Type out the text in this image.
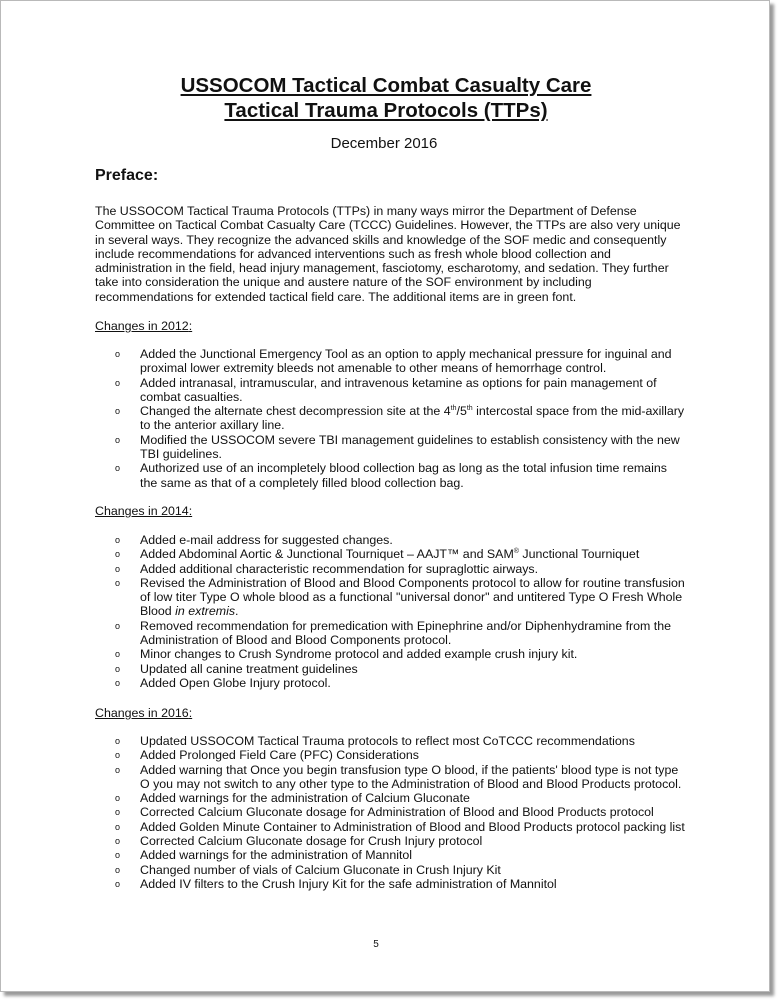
USSOCOM Tactical Combat Casualty Care
Tactical Trauma Protocols (TTPs)
December 2016
Preface:

The USSOCOM Tactical Trauma Protocols (TTPs) in many ways mirror the Department of Defense Committee on Tactical Combat Casualty Care (TCCC) Guidelines. However, the TTPs are also very unique in several ways. They recognize the advanced skills and knowledge of the SOF medic and consequently include recommendations for advanced interventions such as fresh whole blood collection and administration in the field, head injury management, fasciotomy, escharotomy, and sedation. They further take into consideration the unique and austere nature of the SOF environment by including recommendations for extended tactical field care. The additional items are in green font.

Changes in 2012:
o Added the Junctional Emergency Tool as an option to apply mechanical pressure for inguinal and proximal lower extremity bleeds not amenable to other means of hemorrhage control.
o Added intranasal, intramuscular, and intravenous ketamine as options for pain management of combat casualties.
o Changed the alternate chest decompression site at the 4th/5th intercostal space from the mid-axillary to the anterior axillary line.
o Modified the USSOCOM severe TBI management guidelines to establish consistency with the new TBI guidelines.
o Authorized use of an incompletely blood collection bag as long as the total infusion time remains the same as that of a completely filled blood collection bag.
Changes in 2014:
o Added e-mail address for suggested changes.
o Added Abdominal Aortic & Junctional Tourniquet – AAJT™ and SAM® Junctional Tourniquet
o Added additional characteristic recommendation for supraglottic airways.
o Revised the Administration of Blood and Blood Components protocol to allow for routine transfusion of low titer Type O whole blood as a functional "universal donor" and untitered Type O Fresh Whole Blood in extremis.
o Removed recommendation for premedication with Epinephrine and/or Diphenhydramine from the Administration of Blood and Blood Components protocol.
o Minor changes to Crush Syndrome protocol and added example crush injury kit.
o Updated all canine treatment guidelines
o Added Open Globe Injury protocol.
Changes in 2016:
o Updated USSOCOM Tactical Trauma protocols to reflect most CoTCCC recommendations
o Added Prolonged Field Care (PFC) Considerations
o Added warning that Once you begin transfusion type O blood, if the patients' blood type is not type O you may not switch to any other type to the Administration of Blood and Blood Products protocol.
o Added warnings for the administration of Calcium Gluconate
o Corrected Calcium Gluconate dosage for Administration of Blood and Blood Products protocol
o Added Golden Minute Container to Administration of Blood and Blood Products protocol packing list
o Corrected Calcium Gluconate dosage for Crush Injury protocol
o Added warnings for the administration of Mannitol
o Changed number of vials of Calcium Gluconate in Crush Injury Kit
o Added IV filters to the Crush Injury Kit for the safe administration of Mannitol
5
